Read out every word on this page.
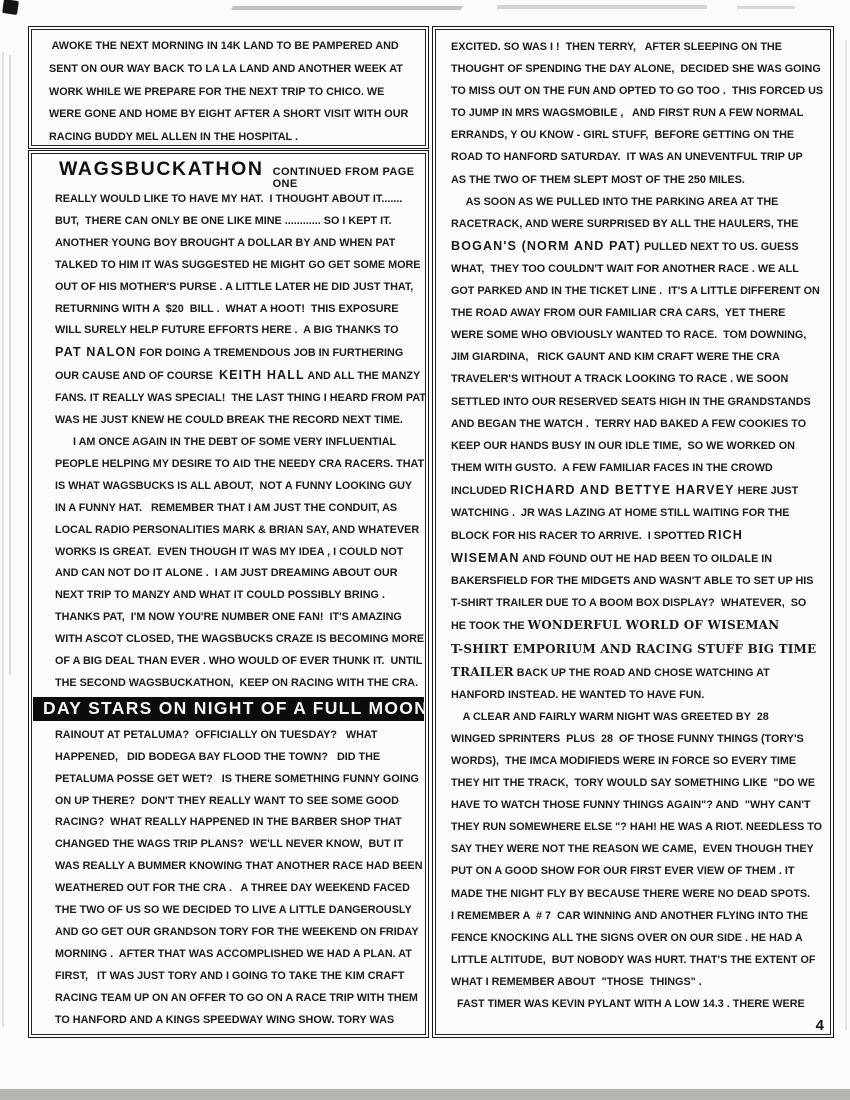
AWOKE THE NEXT MORNING IN 14K LAND TO BE PAMPERED AND
SENT ON OUR WAY BACK TO LA LA LAND AND ANOTHER WEEK AT
WORK WHILE WE PREPARE FOR THE NEXT TRIP TO CHICO. WE
WERE GONE AND HOME BY EIGHT AFTER A SHORT VISIT WITH OUR
RACING BUDDY MEL ALLEN IN THE HOSPITAL .
WAGSBUCKATHON CONTINUED FROM PAGE ONE
REALLY WOULD LIKE TO HAVE MY HAT.  I THOUGHT ABOUT IT.......
BUT,  THERE CAN ONLY BE ONE LIKE MINE ............ SO I KEPT IT.
ANOTHER YOUNG BOY BROUGHT A DOLLAR BY AND WHEN PAT
TALKED TO HIM IT WAS SUGGESTED HE MIGHT GO GET SOME MORE
OUT OF HIS MOTHER'S PURSE . A LITTLE LATER HE DID JUST THAT,
RETURNING WITH A  $20  BILL .  WHAT A HOOT!  THIS EXPOSURE
WILL SURELY HELP FUTURE EFFORTS HERE .  A BIG THANKS TO
PAT NALON FOR DOING A TREMENDOUS JOB IN FURTHERING
OUR CAUSE AND OF COURSE  KEITH HALL AND ALL THE MANZY
FANS. IT REALLY WAS SPECIAL!  THE LAST THING I HEARD FROM PAT
WAS HE JUST KNEW HE COULD BREAK THE RECORD NEXT TIME.
I AM ONCE AGAIN IN THE DEBT OF SOME VERY INFLUENTIAL
PEOPLE HELPING MY DESIRE TO AID THE NEEDY CRA RACERS. THAT
IS WHAT WAGSBUCKS IS ALL ABOUT,  NOT A FUNNY LOOKING GUY
IN A FUNNY HAT.   REMEMBER THAT I AM JUST THE CONDUIT, AS
LOCAL RADIO PERSONALITIES MARK & BRIAN SAY, AND WHATEVER
WORKS IS GREAT.  EVEN THOUGH IT WAS MY IDEA , I COULD NOT
AND CAN NOT DO IT ALONE .  I AM JUST DREAMING ABOUT OUR
NEXT TRIP TO MANZY AND WHAT IT COULD POSSIBLY BRING .
THANKS PAT,  I'M NOW YOU'RE NUMBER ONE FAN!  IT'S AMAZING
WITH ASCOT CLOSED, THE WAGSBUCKS CRAZE IS BECOMING MORE
OF A BIG DEAL THAN EVER . WHO WOULD OF EVER THUNK IT.  UNTIL
THE SECOND WAGSBUCKATHON,  KEEP ON RACING WITH THE CRA.
DAY STARS ON NIGHT OF A FULL MOON
RAINOUT AT PETALUMA?  OFFICIALLY ON TUESDAY?   WHAT
HAPPENED,   DID BODEGA BAY FLOOD THE TOWN?   DID THE
PETALUMA POSSE GET WET?   IS THERE SOMETHING FUNNY GOING
ON UP THERE?  DON'T THEY REALLY WANT TO SEE SOME GOOD
RACING?  WHAT REALLY HAPPENED IN THE BARBER SHOP THAT
CHANGED THE WAGS TRIP PLANS?  WE'LL NEVER KNOW,  BUT IT
WAS REALLY A BUMMER KNOWING THAT ANOTHER RACE HAD BEEN
WEATHERED OUT FOR THE CRA .   A THREE DAY WEEKEND FACED
THE TWO OF US SO WE DECIDED TO LIVE A LITTLE DANGEROUSLY
AND GO GET OUR GRANDSON TORY FOR THE WEEKEND ON FRIDAY
MORNING .  AFTER THAT WAS ACCOMPLISHED WE HAD A PLAN. AT
FIRST,   IT WAS JUST TORY AND I GOING TO TAKE THE KIM CRAFT
RACING TEAM UP ON AN OFFER TO GO ON A RACE TRIP WITH THEM
TO HANFORD AND A KINGS SPEEDWAY WING SHOW. TORY WAS
EXCITED. SO WAS I !  THEN TERRY,   AFTER SLEEPING ON THE
THOUGHT OF SPENDING THE DAY ALONE,  DECIDED SHE WAS GOING
TO MISS OUT ON THE FUN AND OPTED TO GO TOO .  THIS FORCED US
TO JUMP IN MRS WAGSMOBILE ,   AND FIRST RUN A FEW NORMAL
ERRANDS, Y OU KNOW - GIRL STUFF,  BEFORE GETTING ON THE
ROAD TO HANFORD SATURDAY.  IT WAS AN UNEVENTFUL TRIP UP
AS THE TWO OF THEM SLEPT MOST OF THE 250 MILES.
AS SOON AS WE PULLED INTO THE PARKING AREA AT THE
RACETRACK, AND WERE SURPRISED BY ALL THE HAULERS, THE
BOGAN'S (NORM AND PAT) PULLED NEXT TO US. GUESS
WHAT,  THEY TOO COULDN'T WAIT FOR ANOTHER RACE . WE ALL
GOT PARKED AND IN THE TICKET LINE .  IT'S A LITTLE DIFFERENT ON
THE ROAD AWAY FROM OUR FAMILIAR CRA CARS,  YET THERE
WERE SOME WHO OBVIOUSLY WANTED TO RACE.  TOM DOWNING,
JIM GIARDINA,   RICK GAUNT AND KIM CRAFT WERE THE CRA
TRAVELER'S WITHOUT A TRACK LOOKING TO RACE . WE SOON
SETTLED INTO OUR RESERVED SEATS HIGH IN THE GRANDSTANDS
AND BEGAN THE WATCH .  TERRY HAD BAKED A FEW COOKIES TO
KEEP OUR HANDS BUSY IN OUR IDLE TIME,  SO WE WORKED ON
THEM WITH GUSTO.  A FEW FAMILIAR FACES IN THE CROWD
INCLUDED RICHARD AND BETTYE HARVEY HERE JUST
WATCHING .  JR WAS LAZING AT HOME STILL WAITING FOR THE
BLOCK FOR HIS RACER TO ARRIVE.  I SPOTTED RICH
WISEMAN AND FOUND OUT HE HAD BEEN TO OILDALE IN
BAKERSFIELD FOR THE MIDGETS AND WASN'T ABLE TO SET UP HIS
T-SHIRT TRAILER DUE TO A BOOM BOX DISPLAY?  WHATEVER,  SO
HE TOOK THE WONDERFUL WORLD OF WISEMAN
T-SHIRT EMPORIUM AND RACING STUFF BIG TIME
TRAILER BACK UP THE ROAD AND CHOSE WATCHING AT
HANFORD INSTEAD. HE WANTED TO HAVE FUN.
A CLEAR AND FAIRLY WARM NIGHT WAS GREETED BY  28
WINGED SPRINTERS  PLUS  28  OF THOSE FUNNY THINGS (TORY'S
WORDS),  THE IMCA MODIFIEDS WERE IN FORCE SO EVERY TIME
THEY HIT THE TRACK,  TORY WOULD SAY SOMETHING LIKE  "DO WE
HAVE TO WATCH THOSE FUNNY THINGS AGAIN"? AND  "WHY CAN'T
THEY RUN SOMEWHERE ELSE "? HAH! HE WAS A RIOT. NEEDLESS TO
SAY THEY WERE NOT THE REASON WE CAME,  EVEN THOUGH THEY
PUT ON A GOOD SHOW FOR OUR FIRST EVER VIEW OF THEM . IT
MADE THE NIGHT FLY BY BECAUSE THERE WERE NO DEAD SPOTS.
I REMEMBER A  # 7  CAR WINNING AND ANOTHER FLYING INTO THE
FENCE KNOCKING ALL THE SIGNS OVER ON OUR SIDE . HE HAD A
LITTLE ALTITUDE,  BUT NOBODY WAS HURT. THAT'S THE EXTENT OF
WHAT I REMEMBER ABOUT  "THOSE  THINGS" .
FAST TIMER WAS KEVIN PYLANT WITH A LOW 14.3 . THERE WERE
4
